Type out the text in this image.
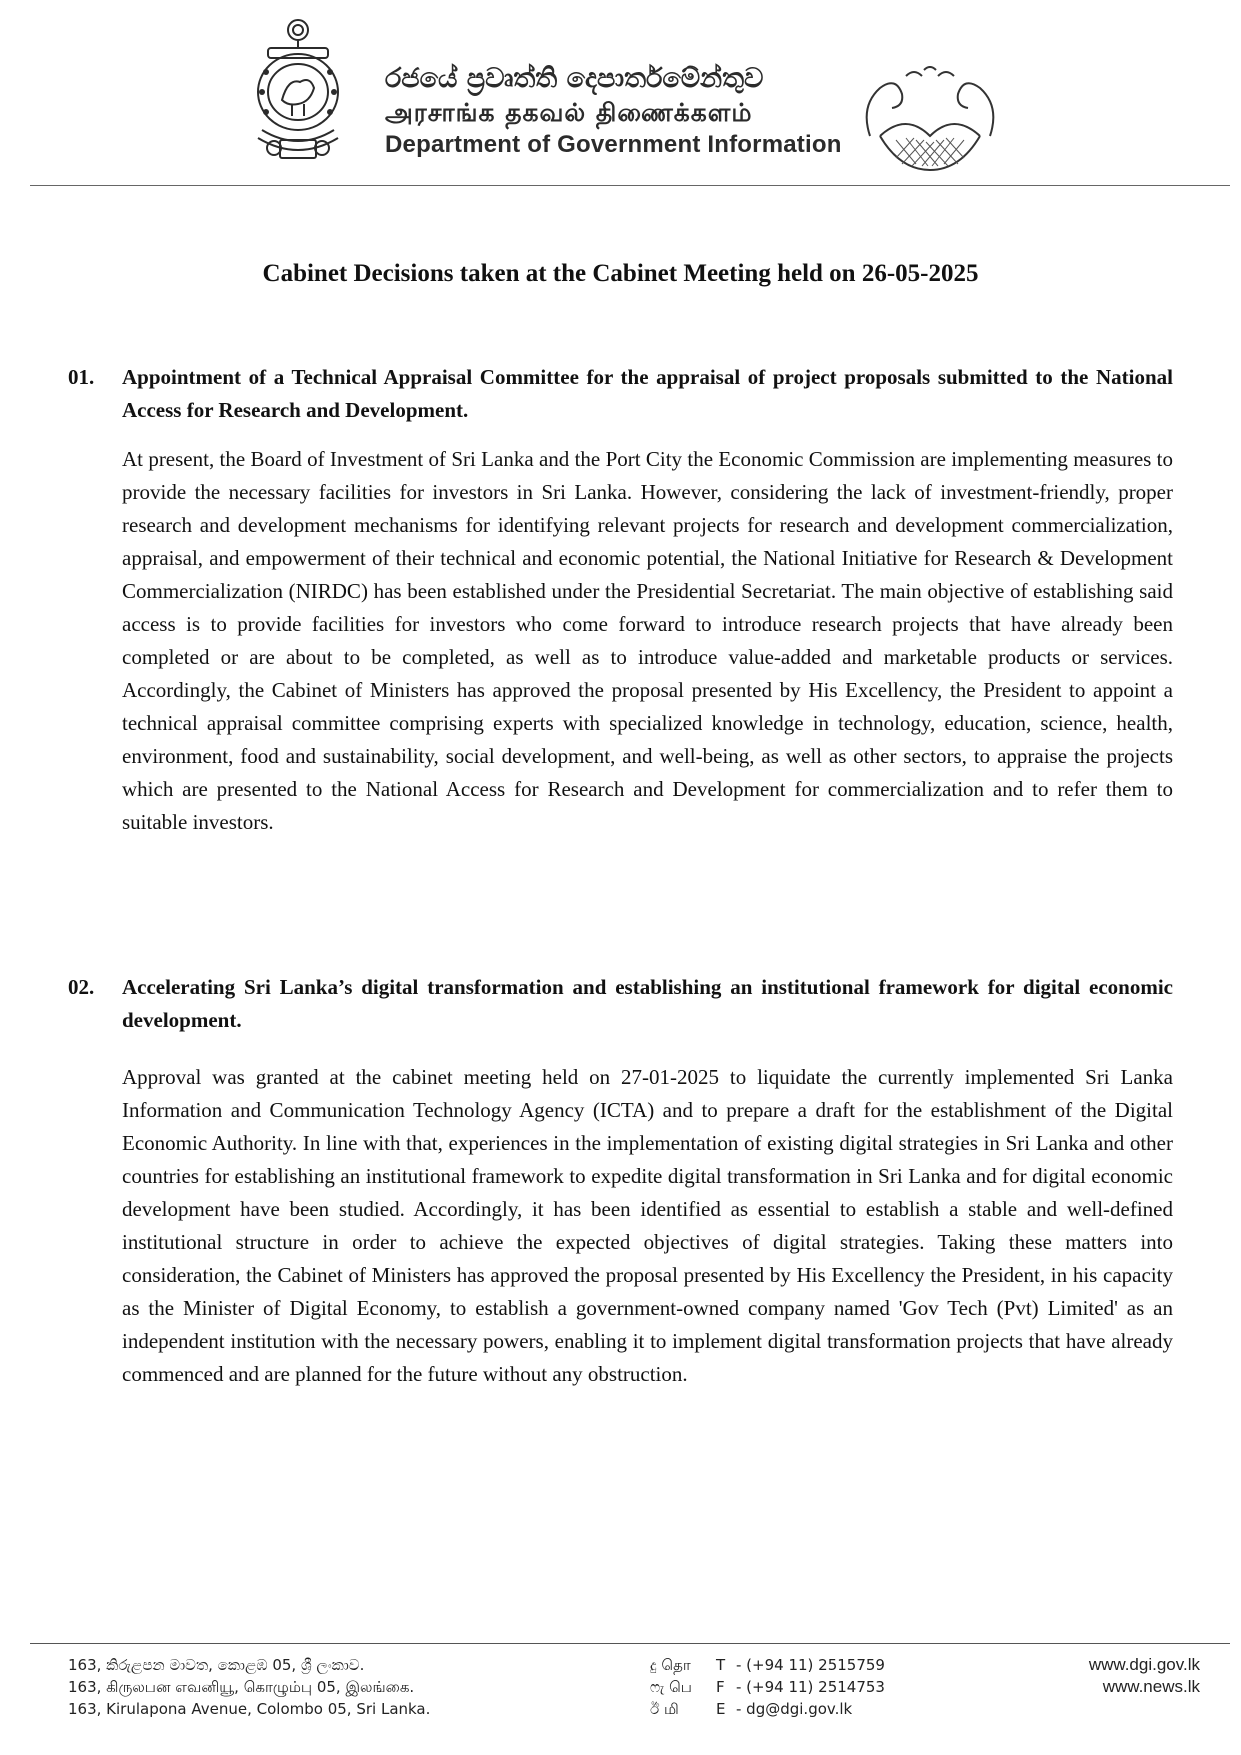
රජයේ ප්‍රවෘත්ති දෙපාර්තමේන්තුව
அரசாங்க தகவல் திணைக்களம்
Department of Government Information
Cabinet Decisions taken at the Cabinet Meeting held on 26-05-2025
01. Appointment of a Technical Appraisal Committee for the appraisal of project proposals submitted to the National Access for Research and Development.
At present, the Board of Investment of Sri Lanka and the Port City the Economic Commission are implementing measures to provide the necessary facilities for investors in Sri Lanka. However, considering the lack of investment-friendly, proper research and development mechanisms for identifying relevant projects for research and development commercialization, appraisal, and empowerment of their technical and economic potential, the National Initiative for Research & Development Commercialization (NIRDC) has been established under the Presidential Secretariat. The main objective of establishing said access is to provide facilities for investors who come forward to introduce research projects that have already been completed or are about to be completed, as well as to introduce value-added and marketable products or services. Accordingly, the Cabinet of Ministers has approved the proposal presented by His Excellency, the President to appoint a technical appraisal committee comprising experts with specialized knowledge in technology, education, science, health, environment, food and sustainability, social development, and well-being, as well as other sectors, to appraise the projects which are presented to the National Access for Research and Development for commercialization and to refer them to suitable investors.
02. Accelerating Sri Lanka’s digital transformation and establishing an institutional framework for digital economic development.
Approval was granted at the cabinet meeting held on 27-01-2025 to liquidate the currently implemented Sri Lanka Information and Communication Technology Agency (ICTA) and to prepare a draft for the establishment of the Digital Economic Authority. In line with that, experiences in the implementation of existing digital strategies in Sri Lanka and other countries for establishing an institutional framework to expedite digital transformation in Sri Lanka and for digital economic development have been studied. Accordingly, it has been identified as essential to establish a stable and well-defined institutional structure in order to achieve the expected objectives of digital strategies. Taking these matters into consideration, the Cabinet of Ministers has approved the proposal presented by His Excellency the President, in his capacity as the Minister of Digital Economy, to establish a government-owned company named 'Gov Tech (Pvt) Limited' as an independent institution with the necessary powers, enabling it to implement digital transformation projects that have already commenced and are planned for the future without any obstruction.
163, කිරුළපන මාවත, කොළඹ 05, ශ්‍රී ලංකාව.
163, கிருலபன எவனியூ, கொழும்பு 05, இலங்கை.
163, Kirulapona Avenue, Colombo 05, Sri Lanka.
දු தொ T - (+94 11) 2515759
ෆැ பெ F - (+94 11) 2514753
ඊ மி E - dg@dgi.gov.lk
www.dgi.gov.lk
www.news.lk
